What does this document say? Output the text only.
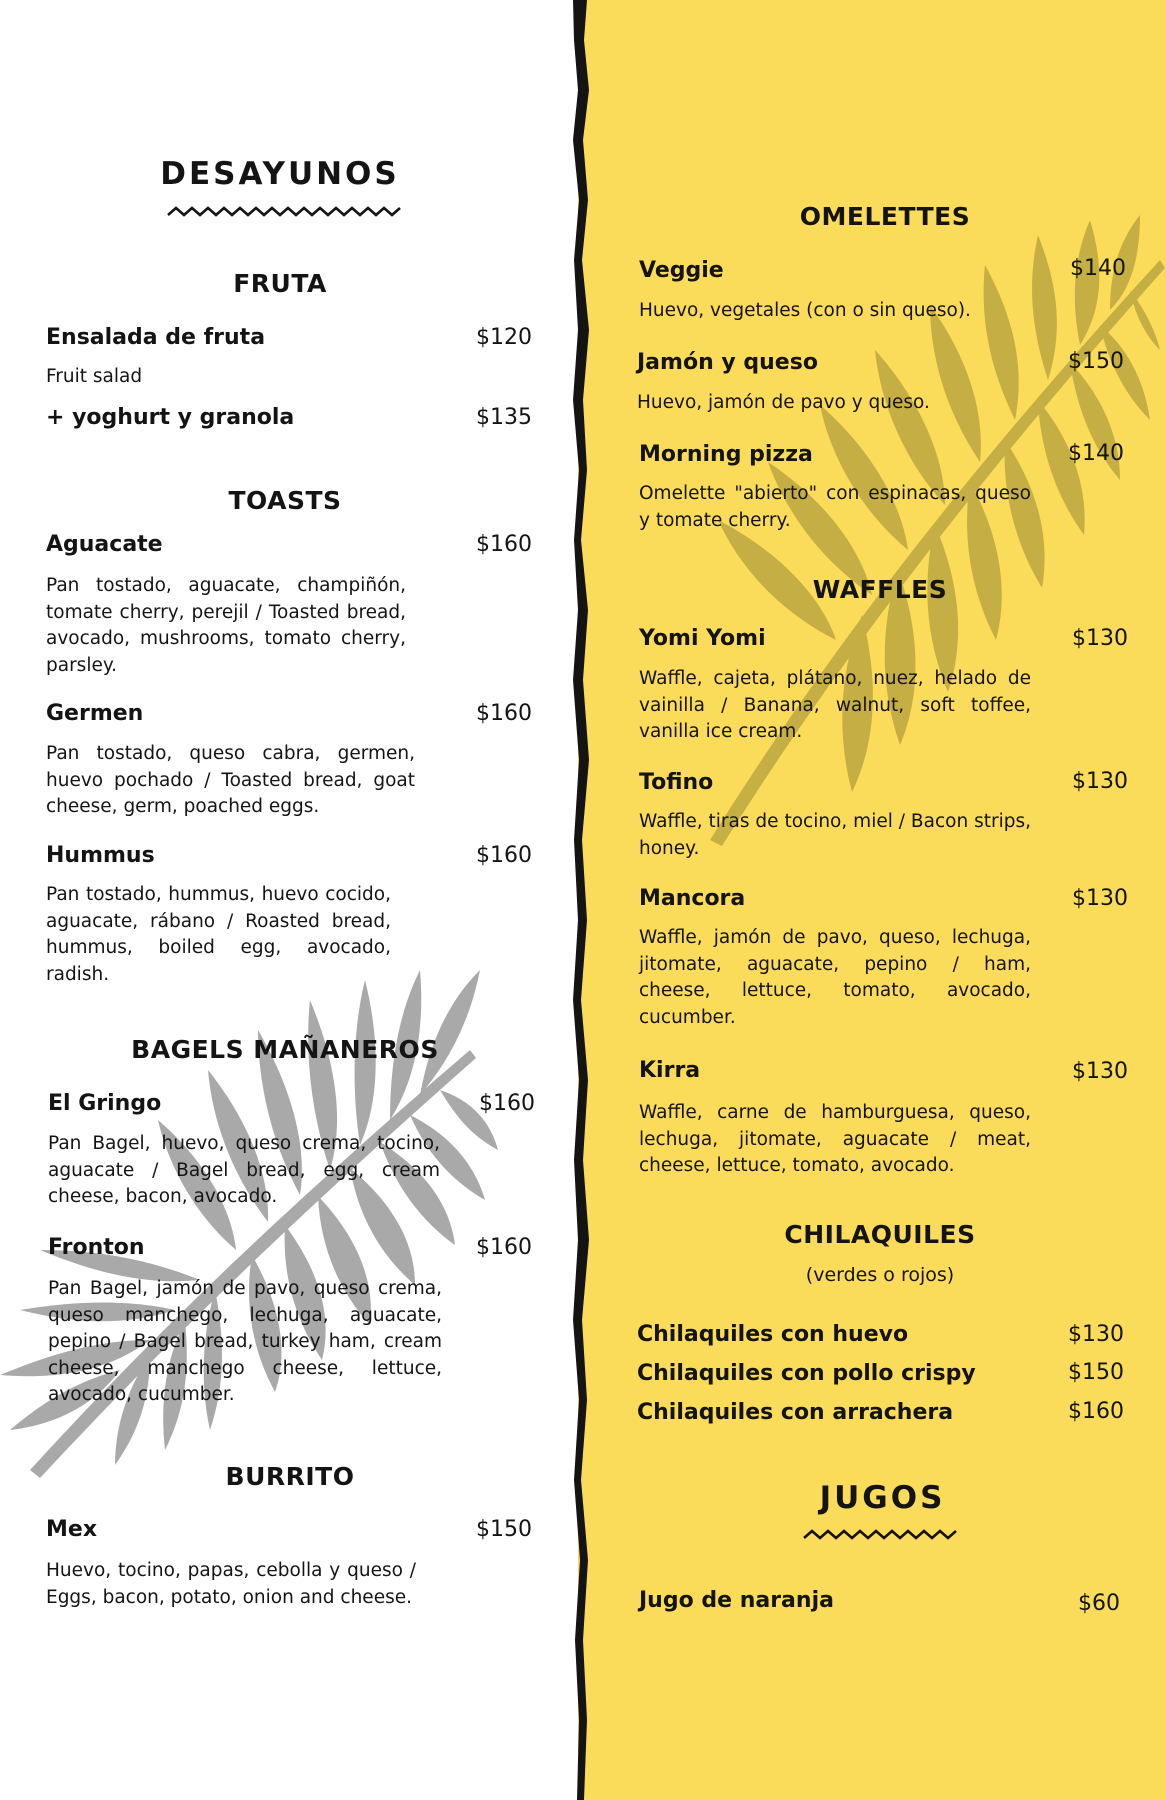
DESAYUNOS
FRUTA
Ensalada de fruta	$120
Fruit salad
+ yoghurt y granola	$135
TOASTS
Aguacate	$160
Pan tostado, aguacate, champiñón, tomate cherry, perejil / Toasted bread, avocado, mushrooms, tomato cherry, parsley.
Germen	$160
Pan tostado, queso cabra, germen, huevo pochado / Toasted bread, goat cheese, germ, poached eggs.
Hummus	$160
Pan tostado, hummus, huevo cocido, aguacate, rábano / Roasted bread, hummus, boiled egg, avocado, radish.
BAGELS MAÑANEROS
El Gringo	$160
Pan Bagel, huevo, queso crema, tocino, aguacate / Bagel bread, egg, cream cheese, bacon, avocado.
Fronton	$160
Pan Bagel, jamón de pavo, queso crema, queso manchego, lechuga, aguacate, pepino / Bagel bread, turkey ham, cream cheese, manchego cheese, lettuce, avocado, cucumber.
BURRITO
Mex	$150
Huevo, tocino, papas, cebolla y queso / Eggs, bacon, potato, onion and cheese.
OMELETTES
Veggie	$140
Huevo, vegetales (con o sin queso).
Jamón y queso	$150
Huevo, jamón de pavo y queso.
Morning pizza	$140
Omelette "abierto" con espinacas, queso y tomate cherry.
WAFFLES
Yomi Yomi	$130
Waffle, cajeta, plátano, nuez, helado de vainilla / Banana, walnut, soft toffee, vanilla ice cream.
Tofino	$130
Waffle, tiras de tocino, miel / Bacon strips, honey.
Mancora	$130
Waffle, jamón de pavo, queso, lechuga, jitomate, aguacate, pepino / ham, cheese, lettuce, tomato, avocado, cucumber.
Kirra	$130
Waffle, carne de hamburguesa, queso, lechuga, jitomate, aguacate / meat, cheese, lettuce, tomato, avocado.
CHILAQUILES
(verdes o rojos)
Chilaquiles con huevo	$130
Chilaquiles con pollo crispy	$150
Chilaquiles con arrachera	$160
JUGOS
Jugo de naranja	$60
